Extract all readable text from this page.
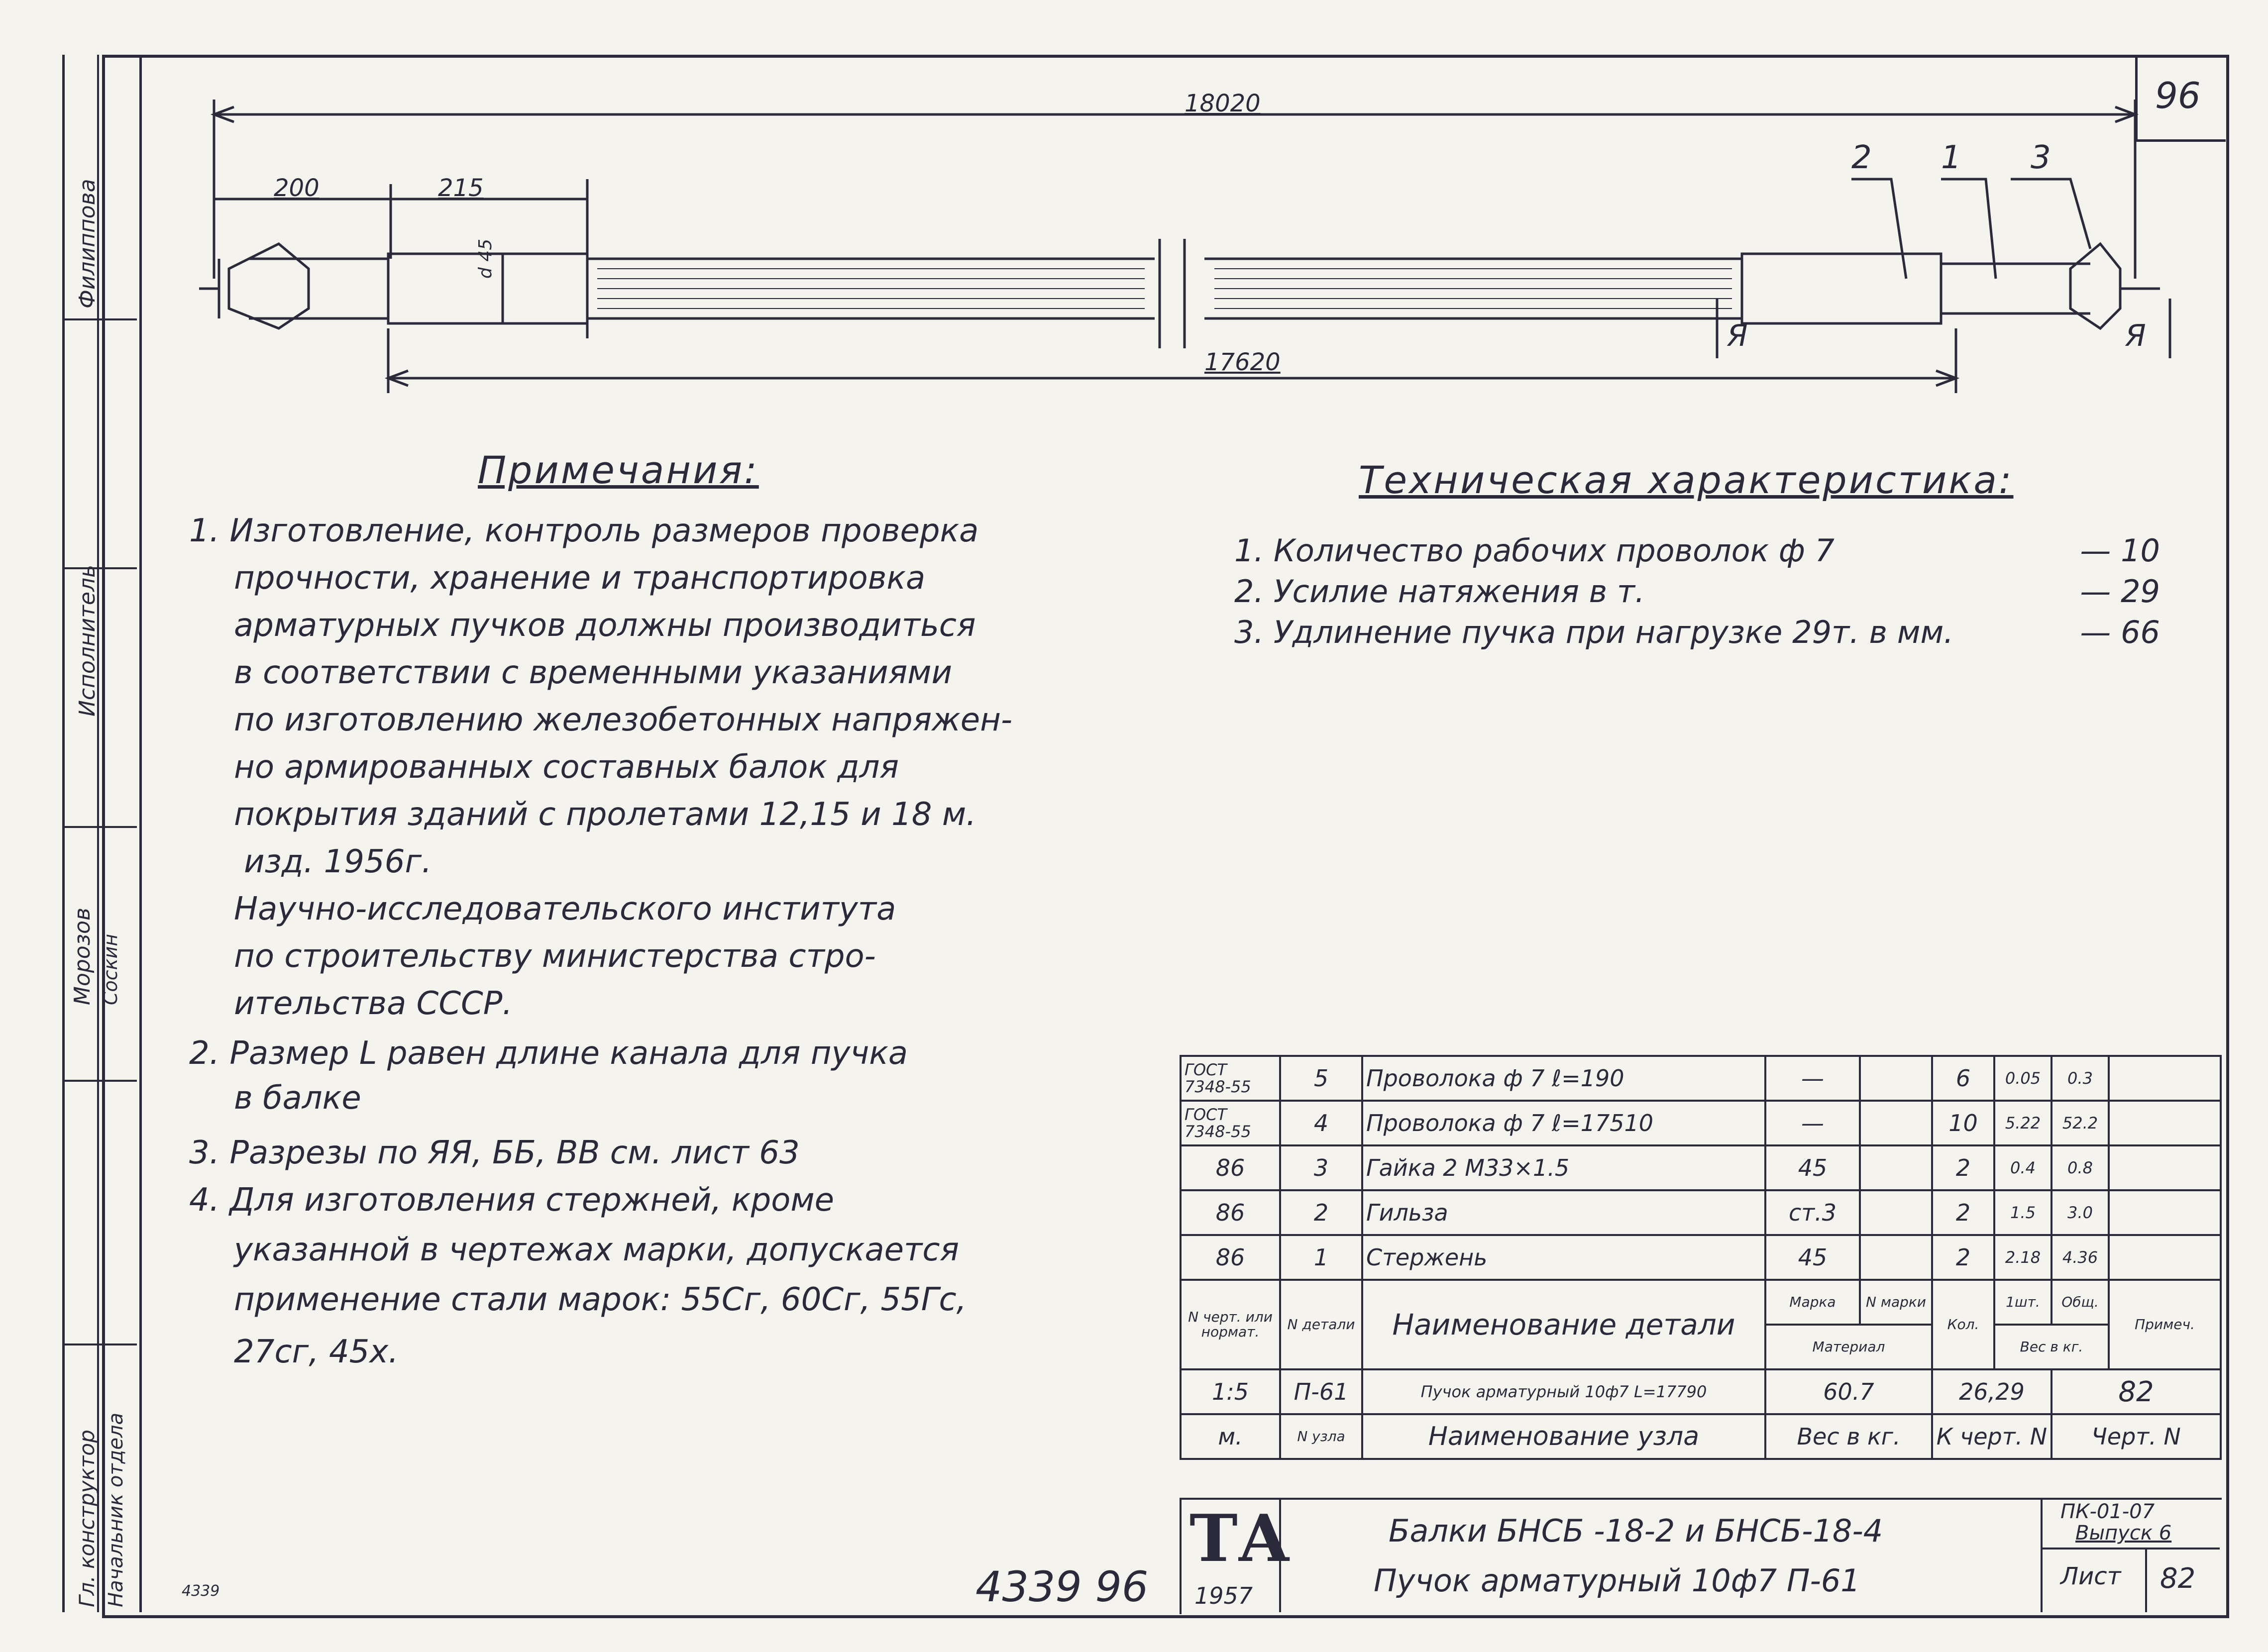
96
Филиппова
Исполнитель
Морозов Соскин
Гл. конструктор Начальник отдела
18020
200	215
d 45
17620
2 1 3
Я	Я
Примечания:
1. Изготовление, контроль размеров проверка
прочности, хранение и транспортировка
арматурных пучков должны производиться
в соответствии с временными указаниями
по изготовлению железобетонных напряжен-
но армированных составных балок для
покрытия зданий с пролетами 12,15 и 18 м.
изд. 1956г.
Научно-исследовательского института
по строительству министерства стро-
ительства СССР.
2. Размер L равен длине канала для пучка
в балке
3. Разрезы по ЯЯ, ББ, ВВ см. лист 63
4. Для изготовления стержней, кроме
указанной в чертежах марки, допускается
применение стали марок: 55Сг, 60Сг, 55Гс,
27сг, 45х.
Техническая характеристика:
1. Количество рабочих проволок ф 7	— 10
2. Усилие натяжения в т.	— 29
3. Удлинение пучка при нагрузке 29т. в мм.	— 66
ГОСТ 7348-55	5	Проволока ф 7 ℓ=190	—		6	0.05	0.3	
ГОСТ 7348-55	4	Проволока ф 7 ℓ=17510	—		10	5.22	52.2	
86	3	Гайка 2 М33×1.5	45		2	0.4	0.8	
86	2	Гильза	ст.3		2	1.5	3.0	
86	1	Стержень	45		2	2.18	4.36	
N черт. или нормат.	N детали	Наименование детали	Марка	N марки	Кол.	1шт.	Общ.	Примеч.
			Материал			Вес в кг.		
1:5	П-61	Пучок арматурный 10ф7 L=17790	60.7		26,29		82	
м.	N узла	Наименование узла	Вес в кг.		К черт. N		Черт. N	
ТА
1957
Балки БНСБ -18-2 и БНСБ-18-4
Пучок арматурный 10ф7 П-61
ПК-01-07
Выпуск 6
Лист 82
4339 96
4339
